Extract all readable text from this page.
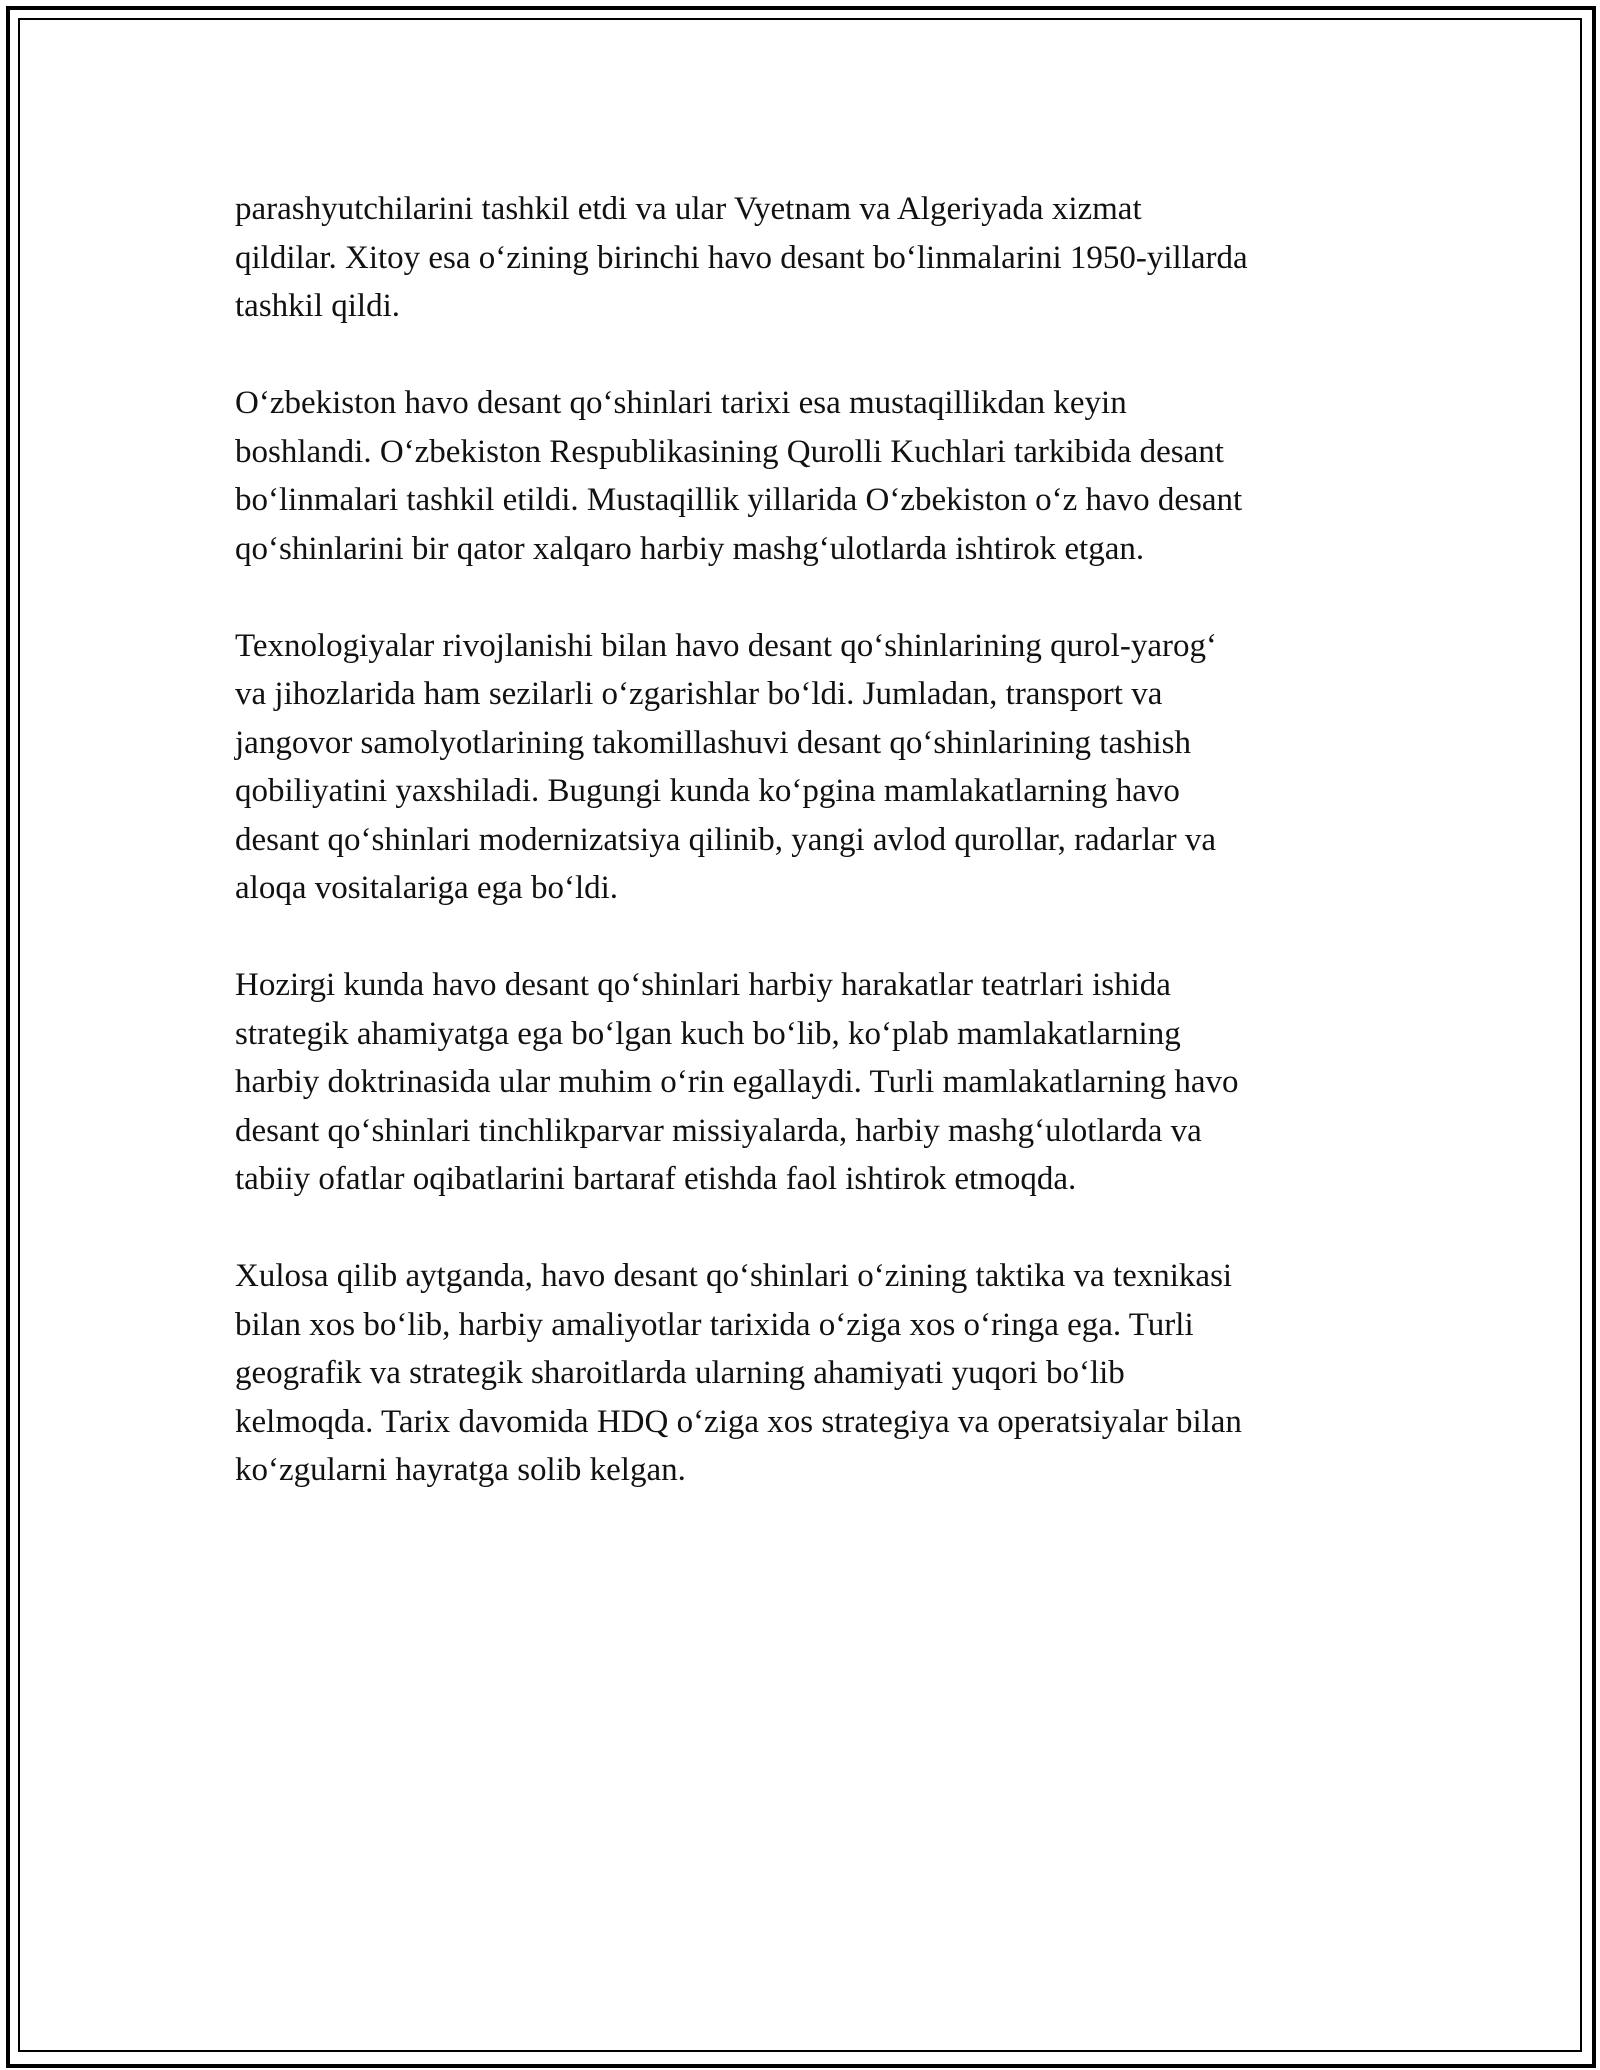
parashyutchilarini tashkil etdi va ular Vyetnam va Algeriyada xizmat
qildilar. Xitoy esa o‘zining birinchi havo desant bo‘linmalarini 1950-yillarda
tashkil qildi.

O‘zbekiston havo desant qo‘shinlari tarixi esa mustaqillikdan keyin
boshlandi. O‘zbekiston Respublikasining Qurolli Kuchlari tarkibida desant
bo‘linmalari tashkil etildi. Mustaqillik yillarida O‘zbekiston o‘z havo desant
qo‘shinlarini bir qator xalqaro harbiy mashg‘ulotlarda ishtirok etgan.

Texnologiyalar rivojlanishi bilan havo desant qo‘shinlarining qurol-yarog‘
va jihozlarida ham sezilarli o‘zgarishlar bo‘ldi. Jumladan, transport va
jangovor samolyotlarining takomillashuvi desant qo‘shinlarining tashish
qobiliyatini yaxshiladi. Bugungi kunda ko‘pgina mamlakatlarning havo
desant qo‘shinlari modernizatsiya qilinib, yangi avlod qurollar, radarlar va
aloqa vositalariga ega bo‘ldi.

Hozirgi kunda havo desant qo‘shinlari harbiy harakatlar teatrlari ishida
strategik ahamiyatga ega bo‘lgan kuch bo‘lib, ko‘plab mamlakatlarning
harbiy doktrinasida ular muhim o‘rin egallaydi. Turli mamlakatlarning havo
desant qo‘shinlari tinchlikparvar missiyalarda, harbiy mashg‘ulotlarda va
tabiiy ofatlar oqibatlarini bartaraf etishda faol ishtirok etmoqda.

Xulosa qilib aytganda, havo desant qo‘shinlari o‘zining taktika va texnikasi
bilan xos bo‘lib, harbiy amaliyotlar tarixida o‘ziga xos o‘ringa ega. Turli
geografik va strategik sharoitlarda ularning ahamiyati yuqori bo‘lib
kelmoqda. Tarix davomida HDQ o‘ziga xos strategiya va operatsiyalar bilan
ko‘zgularni hayratga solib kelgan.
